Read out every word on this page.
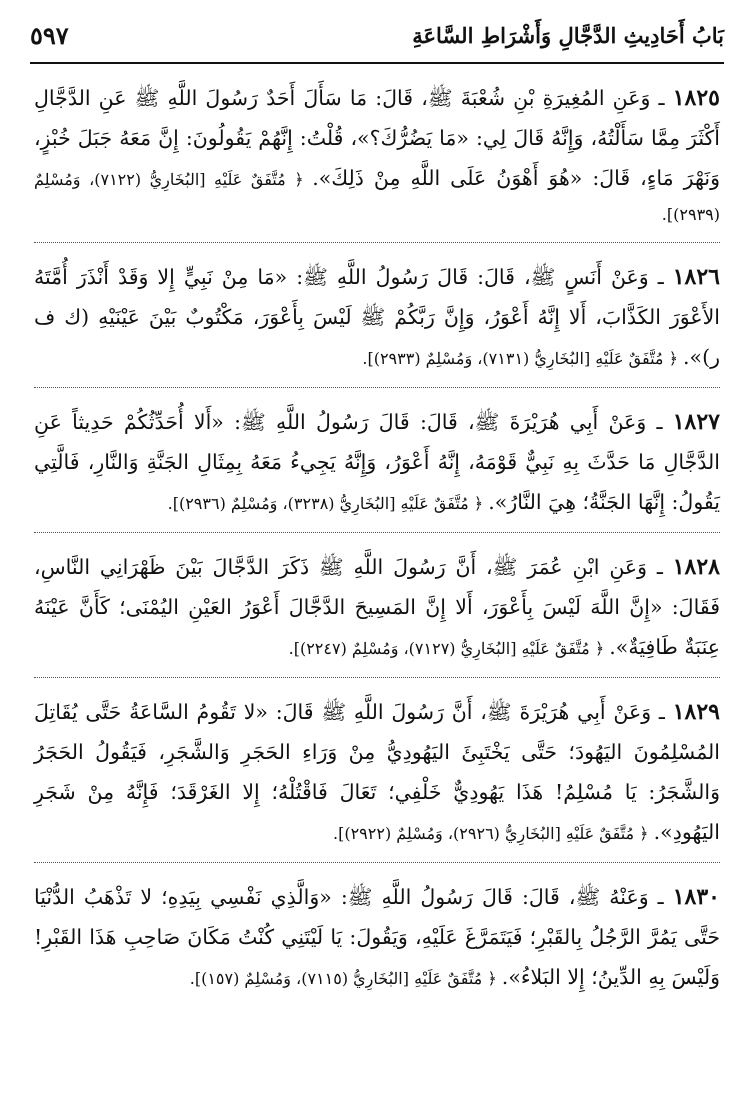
بَابُ أَحَادِيثِ الدَّجَّالِ وَأَشْرَاطِ السَّاعَةِ
٥٩٧
١٨٢٥ ـ وَعَنِ المُغِيرَةِ بْنِ شُعْبَةَ ﷺ، قَالَ: مَا سَأَلَ أَحَدٌ رَسُولَ اللَّهِ ﷺ عَنِ الدَّجَّالِ أَكْثَرَ مِمَّا سَأَلْتُهُ، وَإِنَّهُ قَالَ لِي: «مَا يَضُرُّكَ؟»، قُلْتُ: إِنَّهُمْ يَقُولُونَ: إِنَّ مَعَهُ جَبَلَ خُبْزٍ، وَنَهْرَ مَاءٍ، قَالَ: «هُوَ أَهْوَنُ عَلَى اللَّهِ مِنْ ذَلِكَ». ﴿ مُتَّفَقٌ عَلَيْهِ [البُخَارِيُّ (٧١٢٢)، وَمُسْلِمٌ (٢٩٣٩)].
١٨٢٦ ـ وَعَنْ أَنَسٍ ﷺ، قَالَ: قَالَ رَسُولُ اللَّهِ ﷺ: «مَا مِنْ نَبِيٍّ إِلا وَقَدْ أَنْذَرَ أُمَّتَهُ الأَعْوَرَ الكَذَّابَ، أَلا إِنَّهُ أَعْوَرُ، وَإِنَّ رَبَّكُمْ ﷺ لَيْسَ بِأَعْوَرَ، مَكْتُوبٌ بَيْنَ عَيْنَيْهِ (ك ف ر)». ﴿ مُتَّفَقٌ عَلَيْهِ [البُخَارِيُّ (٧١٣١)، وَمُسْلِمٌ (٢٩٣٣)].
١٨٢٧ ـ وَعَنْ أَبِي هُرَيْرَةَ ﷺ، قَالَ: قَالَ رَسُولُ اللَّهِ ﷺ: «أَلا أُحَدِّثُكُمْ حَدِيثاً عَنِ الدَّجَّالِ مَا حَدَّثَ بِهِ نَبِيٌّ قَوْمَهُ، إِنَّهُ أَعْوَرُ، وَإِنَّهُ يَجِيءُ مَعَهُ بِمِثَالِ الجَنَّةِ وَالنَّارِ، فَالَّتِي يَقُولُ: إِنَّهَا الجَنَّةُ؛ هِيَ النَّارُ». ﴿ مُتَّفَقٌ عَلَيْهِ [البُخَارِيُّ (٣٢٣٨)، وَمُسْلِمٌ (٢٩٣٦)].
١٨٢٨ ـ وَعَنِ ابْنِ عُمَرَ ﷺ، أَنَّ رَسُولَ اللَّهِ ﷺ ذَكَرَ الدَّجَّالَ بَيْنَ ظَهْرَانِي النَّاسِ، فَقَالَ: «إِنَّ اللَّهَ لَيْسَ بِأَعْوَرَ، أَلا إِنَّ المَسِيحَ الدَّجَّالَ أَعْوَرُ العَيْنِ اليُمْنَى؛ كَأَنَّ عَيْنَهُ عِنَبَةٌ طَافِيَةٌ». ﴿ مُتَّفَقٌ عَلَيْهِ [البُخَارِيُّ (٧١٢٧)، وَمُسْلِمٌ (٢٢٤٧)].
١٨٢٩ ـ وَعَنْ أَبِي هُرَيْرَةَ ﷺ، أَنَّ رَسُولَ اللَّهِ ﷺ قَالَ: «لا تَقُومُ السَّاعَةُ حَتَّى يُقَاتِلَ المُسْلِمُونَ اليَهُودَ؛ حَتَّى يَخْتَبِئَ اليَهُودِيُّ مِنْ وَرَاءِ الحَجَرِ وَالشَّجَرِ، فَيَقُولُ الحَجَرُ وَالشَّجَرُ: يَا مُسْلِمُ! هَذَا يَهُودِيٌّ خَلْفِي؛ تَعَالَ فَاقْتُلْهُ؛ إِلا الغَرْقَدَ؛ فَإِنَّهُ مِنْ شَجَرِ اليَهُودِ». ﴿ مُتَّفَقٌ عَلَيْهِ [البُخَارِيُّ (٢٩٢٦)، وَمُسْلِمٌ (٢٩٢٢)].
١٨٣٠ ـ وَعَنْهُ ﷺ، قَالَ: قَالَ رَسُولُ اللَّهِ ﷺ: «وَالَّذِي نَفْسِي بِيَدِهِ؛ لا تَذْهَبُ الدُّنْيَا حَتَّى يَمُرَّ الرَّجُلُ بِالقَبْرِ؛ فَيَتَمَرَّغَ عَلَيْهِ، وَيَقُولَ: يَا لَيْتَنِي كُنْتُ مَكَانَ صَاحِبِ هَذَا القَبْرِ! وَلَيْسَ بِهِ الدِّينُ؛ إِلا البَلاءُ». ﴿ مُتَّفَقٌ عَلَيْهِ [البُخَارِيُّ (٧١١٥)، وَمُسْلِمٌ (١٥٧)].
